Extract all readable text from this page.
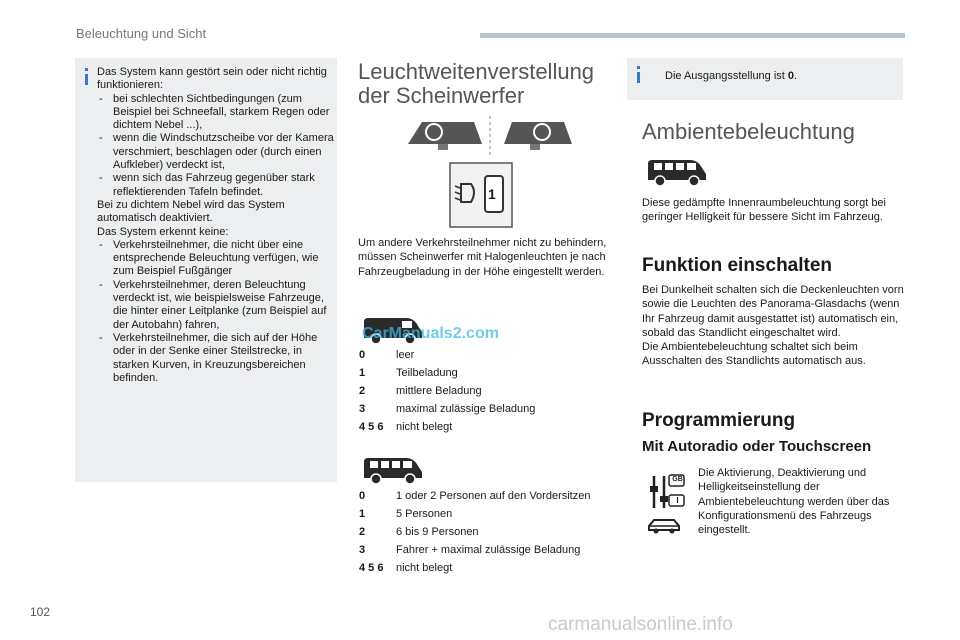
Beleuchtung und Sicht
Das System kann gestört sein oder nicht richtig funktionieren:
- bei schlechten Sichtbedingungen (zum Beispiel bei Schneefall, starkem Regen oder dichtem Nebel ...),
- wenn die Windschutzscheibe vor der Kamera verschmiert, beschlagen oder (durch einen Aufkleber) verdeckt ist,
- wenn sich das Fahrzeug gegenüber stark reflektierenden Tafeln befindet.
Bei zu dichtem Nebel wird das System automatisch deaktiviert.
Das System erkennt keine:
- Verkehrsteilnehmer, die nicht über eine entsprechende Beleuchtung verfügen, wie zum Beispiel Fußgänger
- Verkehrsteilnehmer, deren Beleuchtung verdeckt ist, wie beispielsweise Fahrzeuge, die hinter einer Leitplanke (zum Beispiel auf der Autobahn) fahren,
- Verkehrsteilnehmer, die sich auf der Höhe oder in der Senke einer Steilstrecke, in starken Kurven, in Kreuzungsbereichen befinden.
Leuchtweitenverstellung
der Scheinwerfer
1
Um andere Verkehrsteilnehmer nicht zu behindern, müssen Scheinwerfer mit Halogenleuchten je nach Fahrzeugbeladung in der Höhe eingestellt werden.
CarManuals2.com
0	leer
1	Teilbeladung
2	mittlere Beladung
3	maximal zulässige Beladung
4 5 6	nicht belegt
0	1 oder 2 Personen auf den Vordersitzen
1	5 Personen
2	6 bis 9 Personen
3	Fahrer + maximal zulässige Beladung
4 5 6	nicht belegt
Die Ausgangsstellung ist 0.
Ambientebeleuchtung
Diese gedämpfte Innenraumbeleuchtung sorgt bei geringer Helligkeit für bessere Sicht im Fahrzeug.
Funktion einschalten
Bei Dunkelheit schalten sich die Deckenleuchten vorn sowie die Leuchten des Panorama-Glasdachs (wenn Ihr Fahrzeug damit ausgestattet ist) automatisch ein, sobald das Standlicht eingeschaltet wird.
Die Ambientebeleuchtung schaltet sich beim Ausschalten des Standlichts automatisch aus.
Programmierung
Mit Autoradio oder Touchscreen
GB
I
Die Aktivierung, Deaktivierung und Helligkeitseinstellung der Ambientebeleuchtung werden über das Konfigurationsmenü des Fahrzeugs eingestellt.
102
carmanualsonline.info
